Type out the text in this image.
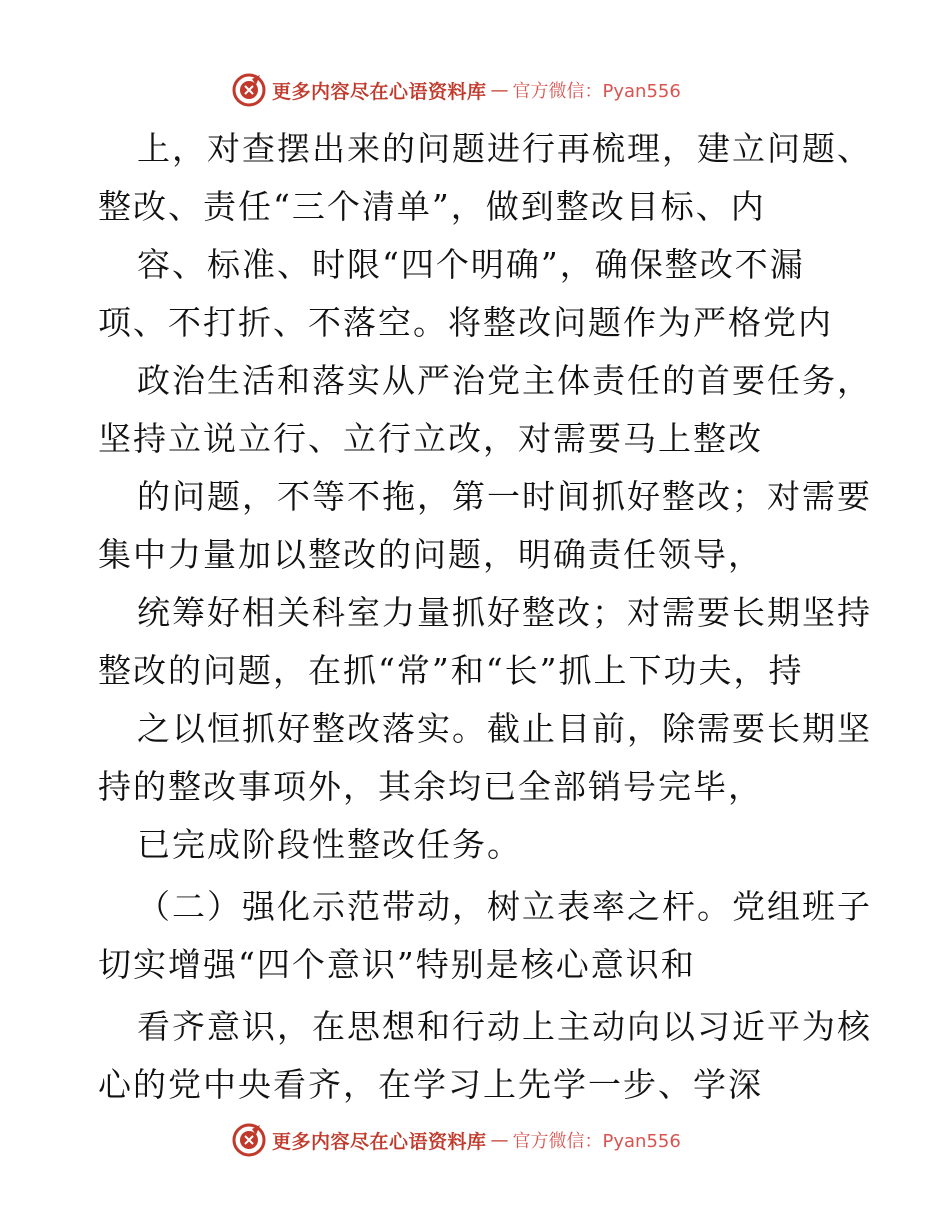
更多内容尽在心语资料库 — 官方微信：Pyan556
上，对查摆出来的问题进行再梳理，建立问题、
整改、责任“三个清单”，做到整改目标、内
容、标准、时限“四个明确”，确保整改不漏
项、不打折、不落空。将整改问题作为严格党内
政治生活和落实从严治党主体责任的首要任务，
坚持立说立行、立行立改，对需要马上整改
的问题，不等不拖，第一时间抓好整改；对需要
集中力量加以整改的问题，明确责任领导，
统筹好相关科室力量抓好整改；对需要长期坚持
整改的问题，在抓“常”和“长”抓上下功夫，持
之以恒抓好整改落实。截止目前，除需要长期坚
持的整改事项外，其余均已全部销号完毕，
已完成阶段性整改任务。
（二）强化示范带动，树立表率之杆。党组班子
切实增强“四个意识”特别是核心意识和
看齐意识，在思想和行动上主动向以习近平为核
心的党中央看齐，在学习上先学一步、学深
更多内容尽在心语资料库 — 官方微信：Pyan556
